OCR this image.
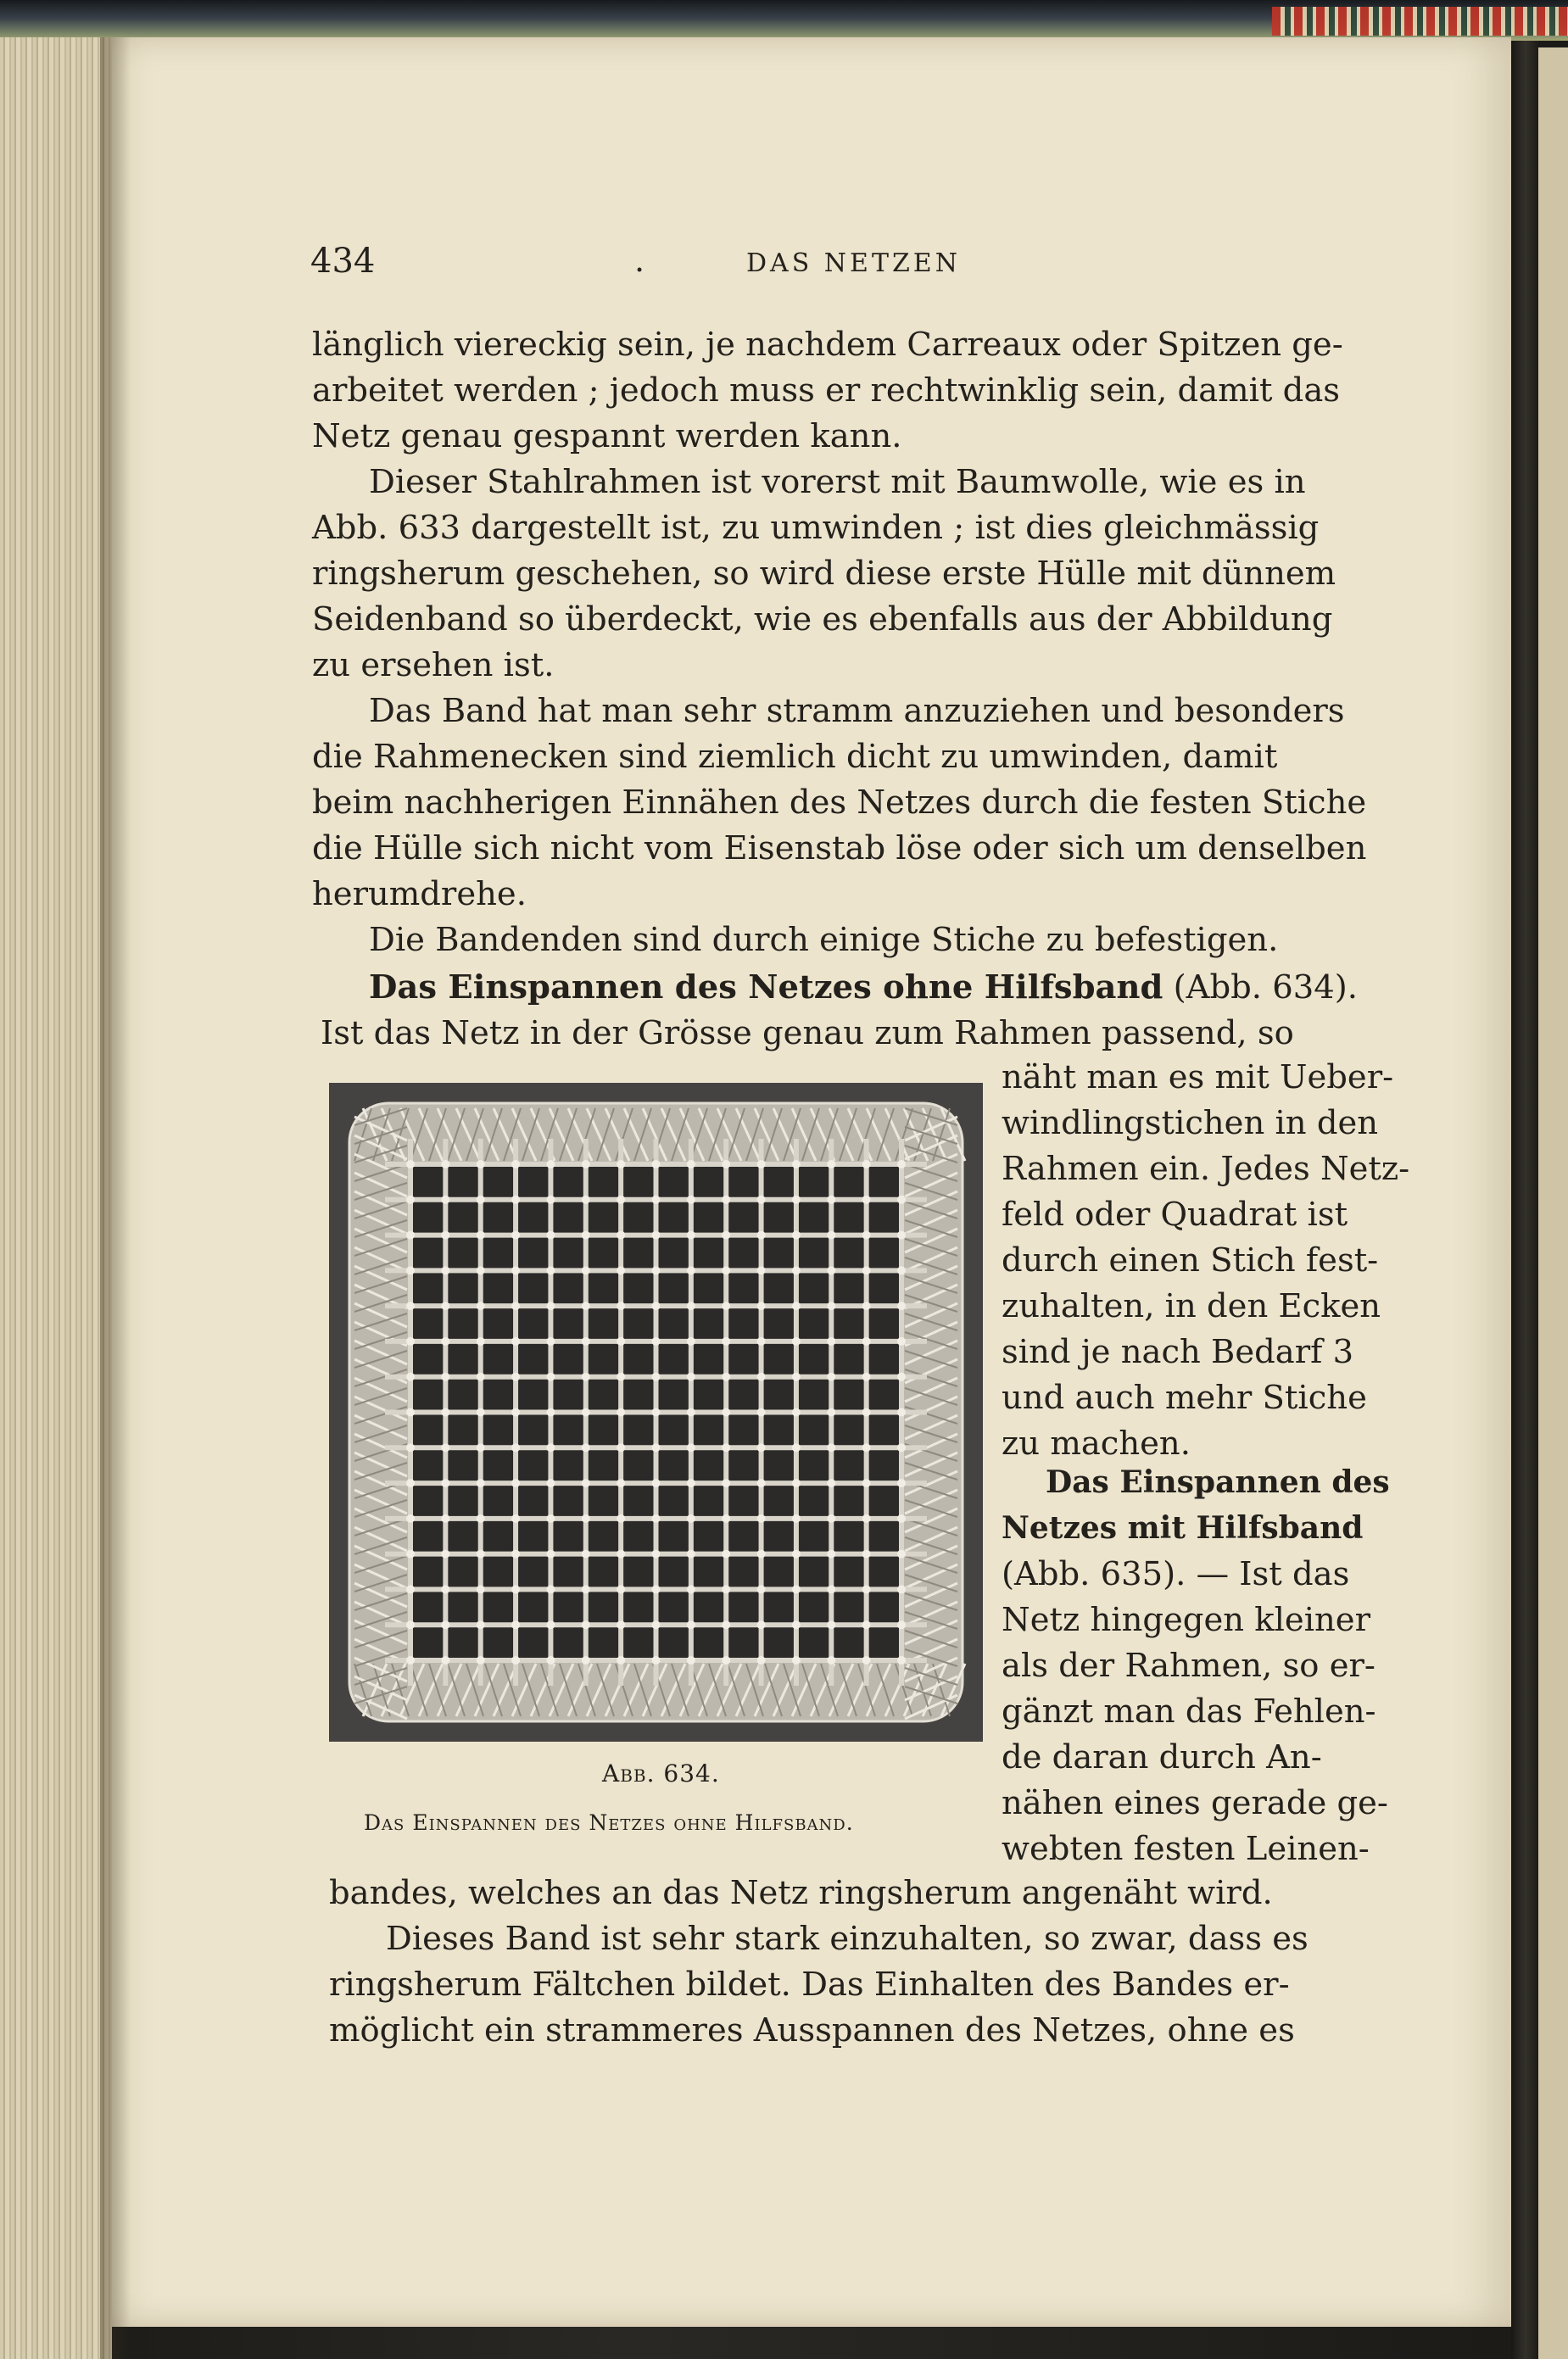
434	.	DAS NETZEN

länglich viereckig sein, je nachdem Carreaux oder Spitzen ge-

arbeitet werden ; jedoch muss er rechtwinklig sein, damit das

Netz genau gespannt werden kann.

Dieser Stahlrahmen ist vorerst mit Baumwolle, wie es in

Abb. 633 dargestellt ist, zu umwinden ; ist dies gleichmässig

ringsherum geschehen, so wird diese erste Hülle mit dünnem

Seidenband so überdeckt, wie es ebenfalls aus der Abbildung

zu ersehen ist.

Das Band hat man sehr stramm anzuziehen und besonders

die Rahmenecken sind ziemlich dicht zu umwinden, damit

beim nachherigen Einnähen des Netzes durch die festen Stiche

die Hülle sich nicht vom Eisenstab löse oder sich um denselben

herumdrehe.

Die Bandenden sind durch einige Stiche zu befestigen.

Das Einspannen des Netzes ohne Hilfsband (Abb. 634).

Ist das Netz in der Grösse genau zum Rahmen passend, so

Abb. 634.
Das Einspannen des Netzes ohne Hilfsband.

näht man es mit Ueber-

windlingstichen in den

Rahmen ein. Jedes Netz-

feld oder Quadrat ist

durch einen Stich fest-

zuhalten, in den Ecken

sind je nach Bedarf 3

und auch mehr Stiche

zu machen.

Das Einspannen des

Netzes mit Hilfsband

(Abb. 635). — Ist das

Netz hingegen kleiner

als der Rahmen, so er-

gänzt man das Fehlen-

de daran durch An-

nähen eines gerade ge-

webten festen Leinen-

bandes, welches an das Netz ringsherum angenäht wird.

Dieses Band ist sehr stark einzuhalten, so zwar, dass es

ringsherum Fältchen bildet. Das Einhalten des Bandes er-

möglicht ein strammeres Ausspannen des Netzes, ohne es
